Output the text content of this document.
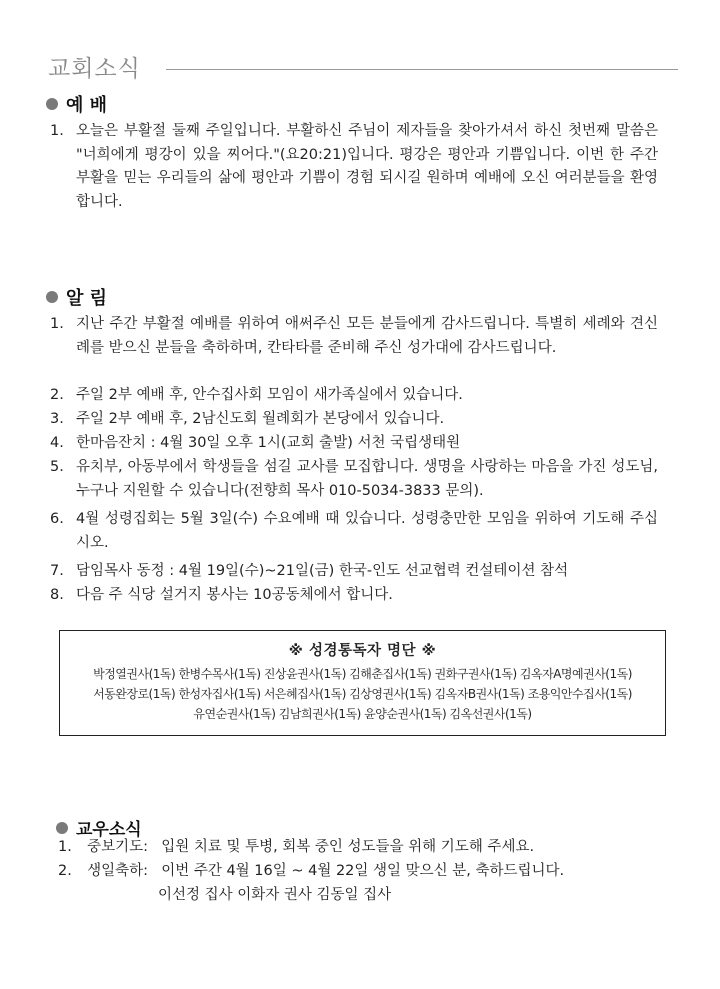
교회소식
예 배
1. 오늘은 부활절 둘째 주일입니다. 부활하신 주님이 제자들을 찾아가셔서 하신 첫번째 말씀은 "너희에게 평강이 있을 찌어다."(요20:21)입니다. 평강은 평안과 기쁨입니다. 이번 한 주간 부활을 믿는 우리들의 삶에 평안과 기쁨이 경험 되시길 원하며 예배에 오신 여러분들을 환영합니다.
알 림
1. 지난 주간 부활절 예배를 위하여 애써주신 모든 분들에게 감사드립니다. 특별히 세례와 견신례를 받으신 분들을 축하하며, 칸타타를 준비해 주신 성가대에 감사드립니다.
2. 주일 2부 예배 후, 안수집사회 모임이 새가족실에서 있습니다.
3. 주일 2부 예배 후, 2남신도회 월례회가 본당에서 있습니다.
4. 한마음잔치 : 4월 30일 오후 1시(교회 출발) 서천 국립생태원
5. 유치부, 아동부에서 학생들을 섬길 교사를 모집합니다. 생명을 사랑하는 마음을 가진 성도님, 누구나 지원할 수 있습니다(전향희 목사 010-5034-3833 문의).
6. 4월 성령집회는 5월 3일(수) 수요예배 때 있습니다. 성령충만한 모임을 위하여 기도해 주십시오.
7. 담임목사 동정 : 4월 19일(수)~21일(금) 한국-인도 선교협력 컨설테이션 참석
8. 다음 주 식당 설거지 봉사는 10공동체에서 합니다.
※ 성경통독자 명단 ※
박정열권사(1독) 한병수목사(1독) 진상윤권사(1독) 김해춘집사(1독) 권화구권사(1독) 김옥자A명예권사(1독)
서동완장로(1독) 한성자집사(1독) 서은혜집사(1독) 김상영권사(1독) 김옥자B권사(1독) 조용익안수집사(1독)
유연순권사(1독) 김남희권사(1독) 윤양순권사(1독) 김옥선권사(1독)
교우소식
1. 중보기도: 입원 치료 및 투병, 회복 중인 성도들을 위해 기도해 주세요.
2. 생일축하: 이번 주간 4월 16일 ~ 4월 22일 생일 맞으신 분, 축하드립니다.
이선정 집사 이화자 권사 김동일 집사
